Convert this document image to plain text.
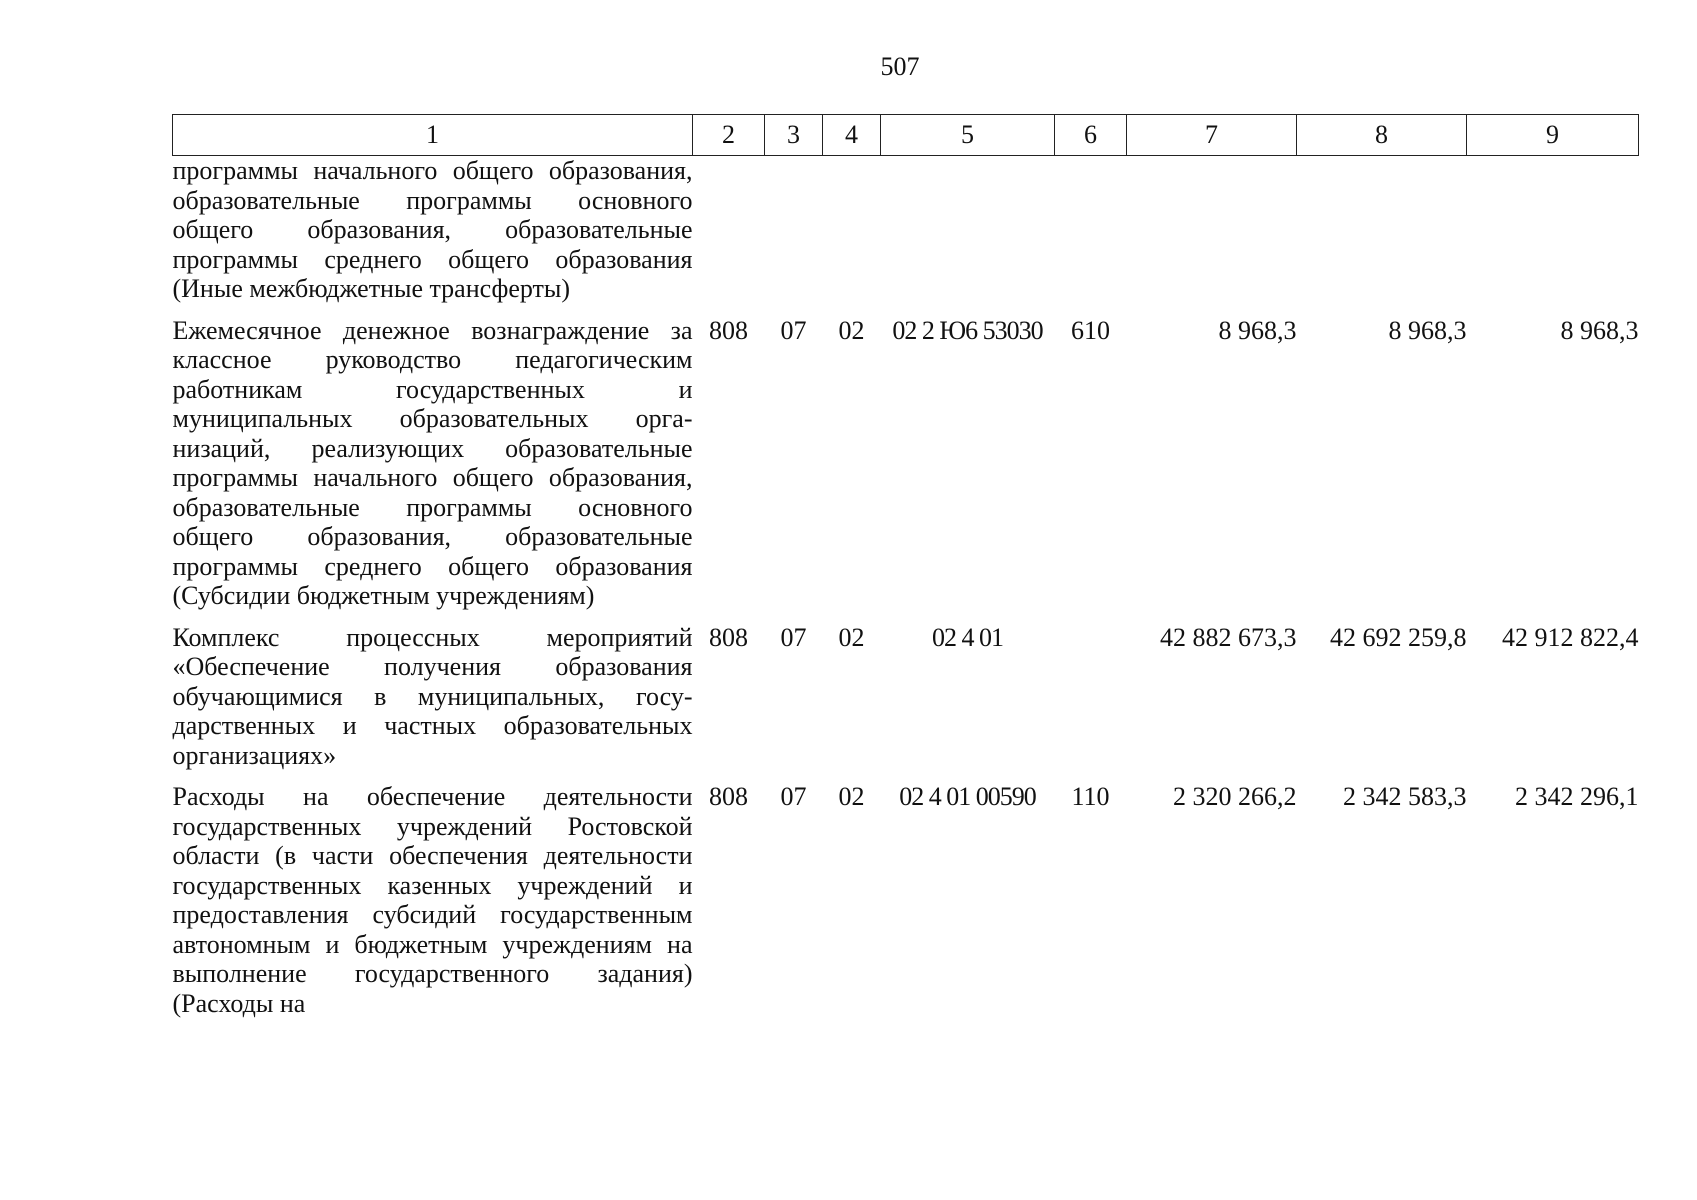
507
1	2	3	4	5	6	7	8	9
программы начального общего образования, образовательные программы основного общего образования, образовательные программы среднего общего образования (Иные межбюджетные трансферты)								
Ежемесячное денежное вознаграждение за классное руководство педагогическим работникам государственных и муниципальных образовательных организаций, реализующих образовательные программы начального общего образования, образовательные программы основного общего образования, образовательные программы среднего общего образования (Субсидии бюджетным учреждениям)	808	07	02	02 2 Ю6 53030	610	8 968,3	8 968,3	8 968,3
Комплекс процессных мероприятий «Обеспечение получения образования обучающимися в муниципальных, государственных и частных образовательных организациях»	808	07	02	02 4 01		42 882 673,3	42 692 259,8	42 912 822,4
Расходы на обеспечение деятельности государственных учреждений Ростовской области (в части обеспечения деятельности государственных казенных учреждений и предоставления субсидий государственным автономным и бюджетным учреждениям на выполнение государственного задания) (Расходы на	808	07	02	02 4 01 00590	110	2 320 266,2	2 342 583,3	2 342 296,1
